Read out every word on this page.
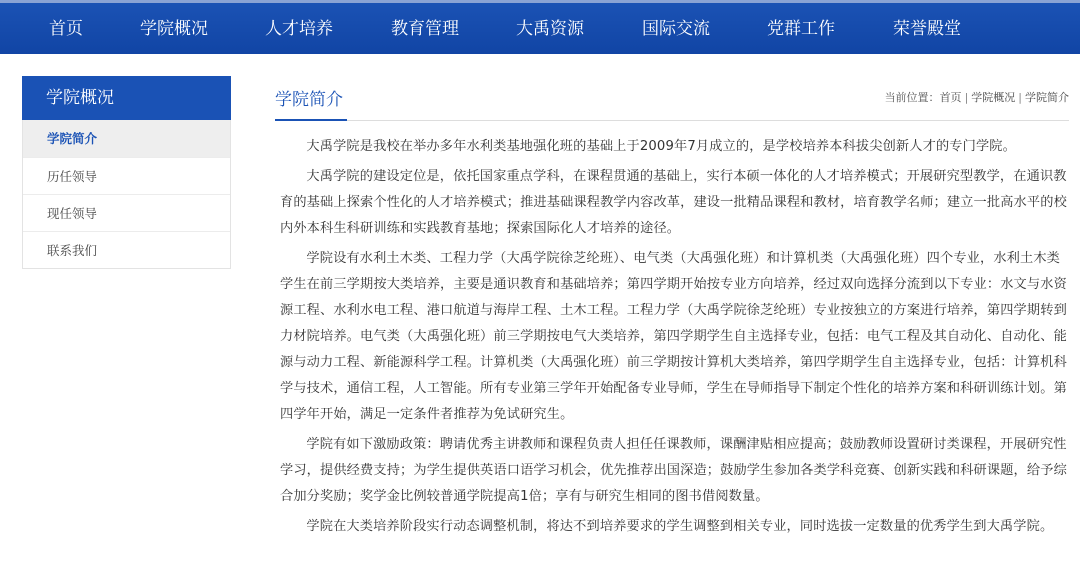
首页	学院概况	人才培养	教育管理	大禹资源	国际交流	党群工作	荣誉殿堂
学院概况
学院简介
历任领导
现任领导
联系我们
学院简介	当前位置：首页 | 学院概况 | 学院简介

大禹学院是我校在举办多年水利类基地强化班的基础上于2009年7月成立的，是学校培养本科拔尖创新人才的专门学院。

大禹学院的建设定位是，依托国家重点学科，在课程贯通的基础上，实行本硕一体化的人才培养模式；开展研究型教学，在通识教育的基础上探索个性化的人才培养模式；推进基础课程教学内容改革，建设一批精品课程和教材，培育教学名师；建立一批高水平的校内外本科生科研训练和实践教育基地；探索国际化人才培养的途径。

学院设有水利土木类、工程力学（大禹学院徐芝纶班）、电气类（大禹强化班）和计算机类（大禹强化班）四个专业，水利土木类学生在前三学期按大类培养，主要是通识教育和基础培养；第四学期开始按专业方向培养，经过双向选择分流到以下专业：水文与水资源工程、水利水电工程、港口航道与海岸工程、土木工程。工程力学（大禹学院徐芝纶班）专业按独立的方案进行培养，第四学期转到力材院培养。电气类（大禹强化班）前三学期按电气大类培养，第四学期学生自主选择专业，包括：电气工程及其自动化、自动化、能源与动力工程、新能源科学工程。计算机类（大禹强化班）前三学期按计算机大类培养，第四学期学生自主选择专业，包括：计算机科学与技术，通信工程，人工智能。所有专业第三学年开始配备专业导师，学生在导师指导下制定个性化的培养方案和科研训练计划。第四学年开始，满足一定条件者推荐为免试研究生。

学院有如下激励政策：聘请优秀主讲教师和课程负责人担任任课教师，课酬津贴相应提高；鼓励教师设置研讨类课程，开展研究性学习，提供经费支持；为学生提供英语口语学习机会，优先推荐出国深造；鼓励学生参加各类学科竞赛、创新实践和科研课题，给予综合加分奖励；奖学金比例较普通学院提高1倍；享有与研究生相同的图书借阅数量。

学院在大类培养阶段实行动态调整机制，将达不到培养要求的学生调整到相关专业，同时选拔一定数量的优秀学生到大禹学院。
